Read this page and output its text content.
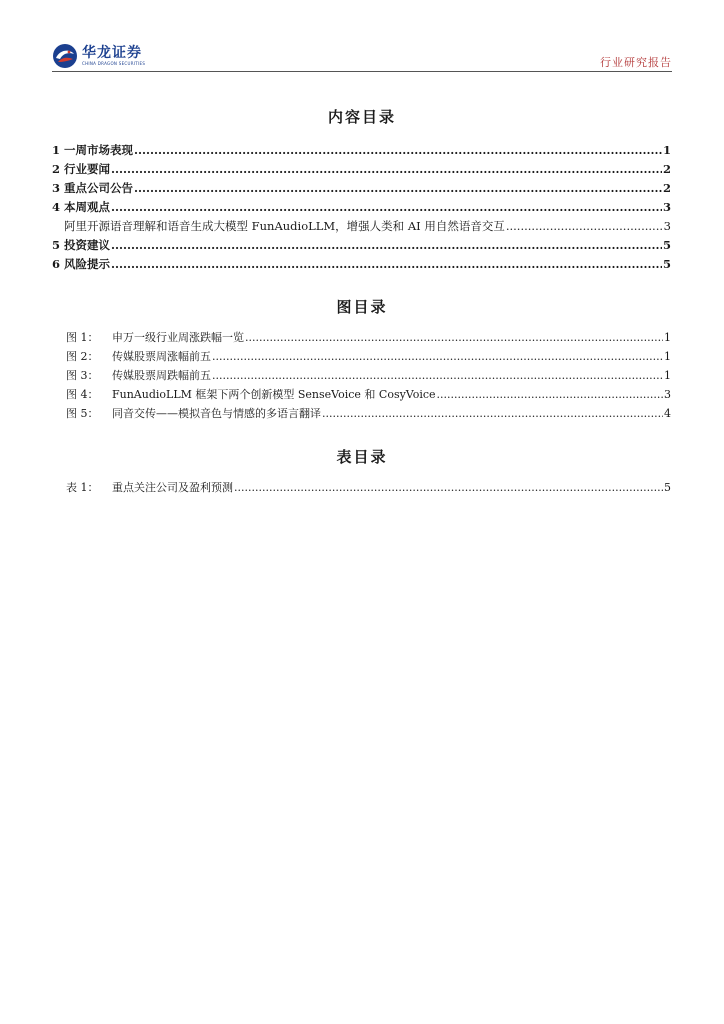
华龙证券
CHINA DRAGON SECURITIES	行业研究报告
内容目录
1 一周市场表现 .....	1
2 行业要闻 .....	2
3 重点公司公告 .....	2
4 本周观点 .....	3
阿里开源语音理解和语音生成大模型 FunAudioLLM，增强人类和 AI 用自然语音交互 .....	3
5 投资建议 .....	5
6 风险提示 .....	5
图目录
图 1： 申万一级行业周涨跌幅一览 .....	1
图 2： 传媒股票周涨幅前五 .....	1
图 3： 传媒股票周跌幅前五 .....	1
图 4： FunAudioLLM 框架下两个创新模型 SenseVoice 和 CosyVoice .....	3
图 5： 同音交传——模拟音色与情感的多语言翻译 .....	4
表目录
表 1： 重点关注公司及盈利预测 .....	5
